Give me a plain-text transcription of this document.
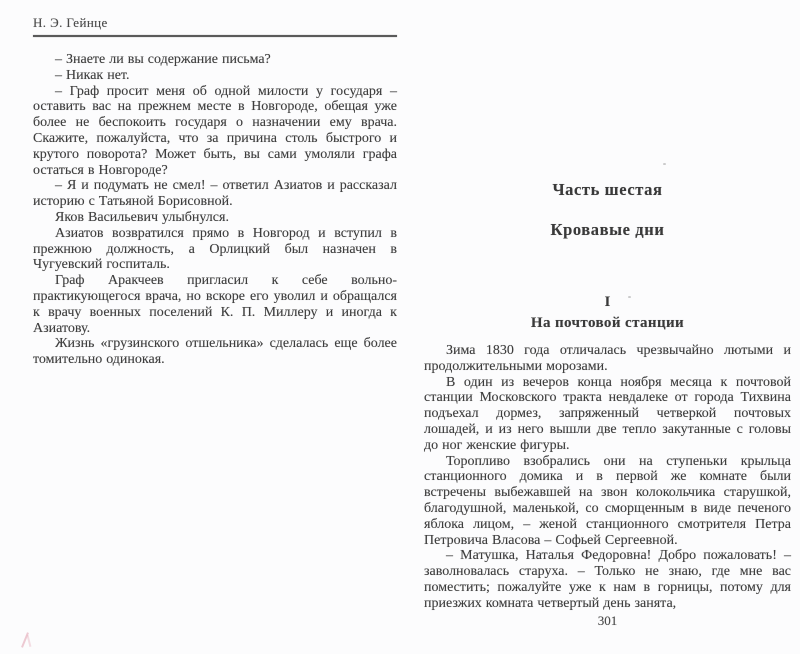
Н. Э. Гейнце

– Знаете ли вы содержание письма?

– Никак нет.

– Граф просит меня об одной милости у государя – оставить вас на прежнем месте в Новгороде, обещая уже более не беспокоить государя о назначении ему врача. Скажите, пожалуйста, что за причина столь быстрого и крутого поворота? Может быть, вы сами умоляли графа остаться в Новгороде?

– Я и подумать не смел! – ответил Азиатов и рассказал историю с Татьяной Борисовной.

Яков Васильевич улыбнулся.

Азиатов возвратился прямо в Новгород и вступил в прежнюю должность, а Орлицкий был назначен в Чугуевский госпиталь.

Граф Аракчеев пригласил к себе вольно-практикующегося врача, но вскоре его уволил и обращался к врачу военных поселений К. П. Миллеру и иногда к Азиатову.

Жизнь «грузинского отшельника» сделалась еще более томительно одинокая.

Часть шестая
Кровавые дни
I
На почтовой станции

Зима 1830 года отличалась чрезвычайно лютыми и продолжительными морозами.

В один из вечеров конца ноября месяца к почтовой станции Московского тракта невдалеке от города Тихвина подъехал дормез, запряженный четверкой почтовых лошадей, и из него вышли две тепло закутанные с головы до ног женские фигуры.

Торопливо взобрались они на ступеньки крыльца станционного домика и в первой же комнате были встречены выбежавшей на звон колокольчика старушкой, благодушной, маленькой, со сморщенным в виде печеного яблока лицом, – женой станционного смотрителя Петра Петровича Власова – Софьей Сергеевной.

– Матушка, Наталья Федоровна! Добро пожаловать! – заволновалась старуха. – Только не знаю, где мне вас поместить; пожалуйте уже к нам в горницы, потому для приезжих комната четвертый день занята,

301
